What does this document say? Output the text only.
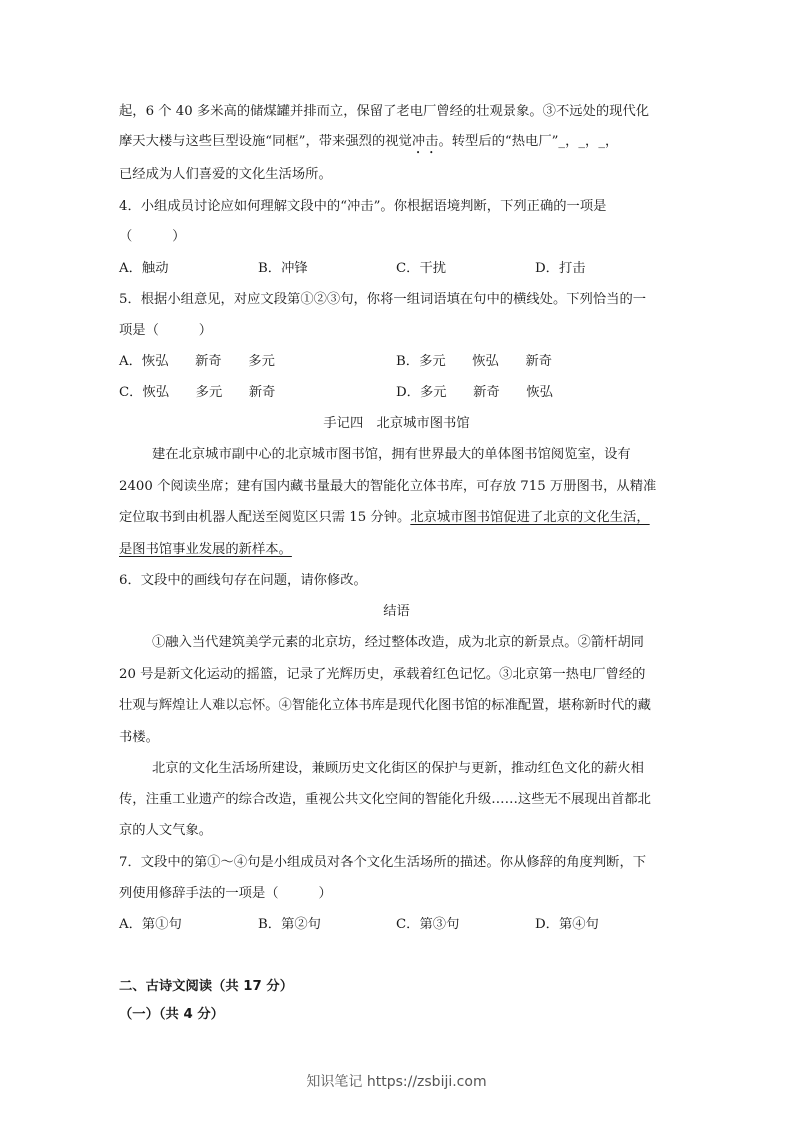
起，6 个 40 多米高的储煤罐并排而立，保留了老电厂曾经的壮观景象。③不远处的现代化
摩天大楼与这些巨型设施“同框”，带来强烈的视觉冲击。转型后的“热电厂”_，_，_，
已经成为人们喜爱的文化生活场所。
4．小组成员讨论应如何理解文段中的“冲击”。你根据语境判断，下列正确的一项是
（　　　）
A．触动	B．冲锋	C．干扰	D．打击
5．根据小组意见，对应文段第①②③句，你将一组词语填在句中的横线处。下列恰当的一
项是（　　　）
A．恢弘 新奇 多元	B．多元 恢弘 新奇
C．恢弘 多元 新奇	D．多元 新奇 恢弘
手记四　北京城市图书馆
建在北京城市副中心的北京城市图书馆，拥有世界最大的单体图书馆阅览室，设有
2400 个阅读坐席；建有国内藏书量最大的智能化立体书库，可存放 715 万册图书，从精准
定位取书到由机器人配送至阅览区只需 15 分钟。北京城市图书馆促进了北京的文化生活，
是图书馆事业发展的新样本。
6．文段中的画线句存在问题，请你修改。
结语
①融入当代建筑美学元素的北京坊，经过整体改造，成为北京的新景点。②箭杆胡同
20 号是新文化运动的摇篮，记录了光辉历史，承载着红色记忆。③北京第一热电厂曾经的
壮观与辉煌让人难以忘怀。④智能化立体书库是现代化图书馆的标准配置，堪称新时代的藏
书楼。
北京的文化生活场所建设，兼顾历史文化街区的保护与更新，推动红色文化的薪火相
传，注重工业遗产的综合改造，重视公共文化空间的智能化升级……这些无不展现出首都北
京的人文气象。
7．文段中的第①～④句是小组成员对各个文化生活场所的描述。你从修辞的角度判断，下
列使用修辞手法的一项是（　　　）
A．第①句	B．第②句	C．第③句	D．第④句
二、古诗文阅读（共 17 分）
（一）（共 4 分）
知识笔记 https://zsbiji.com
